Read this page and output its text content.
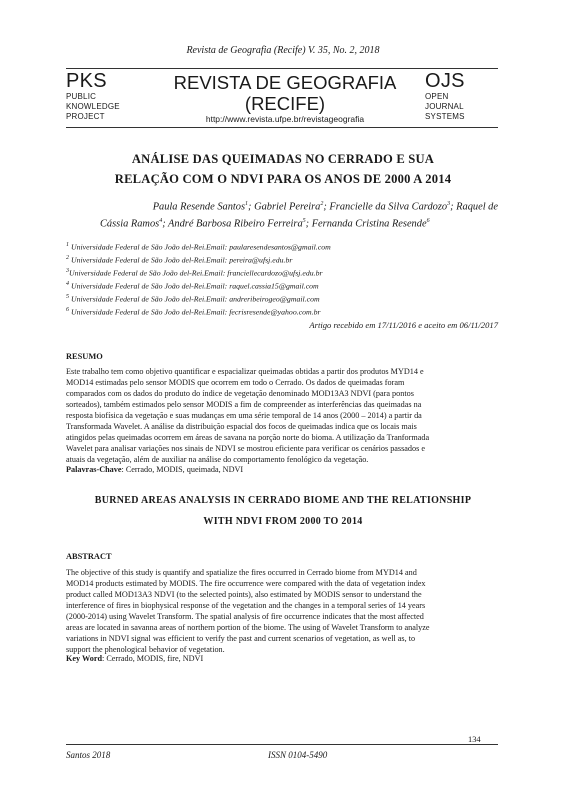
Revista de Geografia (Recife) V. 35, No. 2, 2018
PKS
PUBLIC
KNOWLEDGE
PROJECT
REVISTA DE GEOGRAFIA
(RECIFE)
http://www.revista.ufpe.br/revistageografia
OJS
OPEN
JOURNAL
SYSTEMS
ANÁLISE DAS QUEIMADAS NO CERRADO E SUA
RELAÇÃO COM O NDVI PARA OS ANOS DE 2000 A 2014
Paula Resende Santos$^1$; Gabriel Pereira$^2$; Francielle da Silva Cardozo$^3$; Raquel de
Cássia Ramos$^4$; André Barbosa Ribeiro Ferreira$^5$; Fernanda Cristina Resende$^6$
$^1$ Universidade Federal de São João del-Rei.Email: paularesendesantos@gmail.com
$^2$ Universidade Federal de São João del-Rei.Email: pereira@ufsj.edu.br
$^3$Universidade Federal de São João del-Rei.Email: franciellecardozo@ufsj.edu.br
$^4$ Universidade Federal de São João del-Rei.Email: raquel.cassia15@gmail.com
$^5$ Universidade Federal de São João del-Rei.Email: andreribeirogeo@gmail.com
$^6$ Universidade Federal de São João del-Rei.Email: fecrisresende@yahoo.com.br
Artigo recebido em 17/11/2016 e aceito em 06/11/2017
RESUMO
Este trabalho tem como objetivo quantificar e espacializar queimadas obtidas a partir dos produtos MYD14 e
MOD14 estimadas pelo sensor MODIS que ocorrem em todo o Cerrado. Os dados de queimadas foram
comparados com os dados do produto do índice de vegetação denominado MOD13A3 NDVI (para pontos
sorteados), também estimados pelo sensor MODIS a fim de compreender as interferências das queimadas na
resposta biofísica da vegetação e suas mudanças em uma série temporal de 14 anos (2000 – 2014) a partir da
Transformada Wavelet. A análise da distribuição espacial dos focos de queimadas indica que os locais mais
atingidos pelas queimadas ocorrem em áreas de savana na porção norte do bioma. A utilização da Tranformada
Wavelet para analisar variações nos sinais de NDVI se mostrou eficiente para verificar os cenários passados e
atuais da vegetação, além de auxiliar na análise do comportamento fenológico da vegetação.
Palavras-Chave: Cerrado, MODIS, queimada, NDVI
BURNED AREAS ANALYSIS IN CERRADO BIOME AND THE RELATIONSHIP
WITH NDVI FROM 2000 TO 2014
ABSTRACT
The objective of this study is quantify and spatialize the fires occurred in Cerrado biome from MYD14 and
MOD14 products estimated by MODIS. The fire occurrence were compared with the data of vegetation index
product called MOD13A3 NDVI (to the selected points), also estimated by MODIS sensor to understand the
interference of fires in biophysical response of the vegetation and the changes in a temporal series of 14 years
(2000-2014) using Wavelet Transform. The spatial analysis of fire occurrence indicates that the most affected
areas are located in savanna areas of northern portion of the biome. The using of Wavelet Transform to analyze
variations in NDVI signal was efficient to verify the past and current scenarios of vegetation, as well as, to
support the phenological behavior of vegetation.
Key Word: Cerrado, MODIS, fire, NDVI
134
Santos 2018	ISSN 0104-5490
